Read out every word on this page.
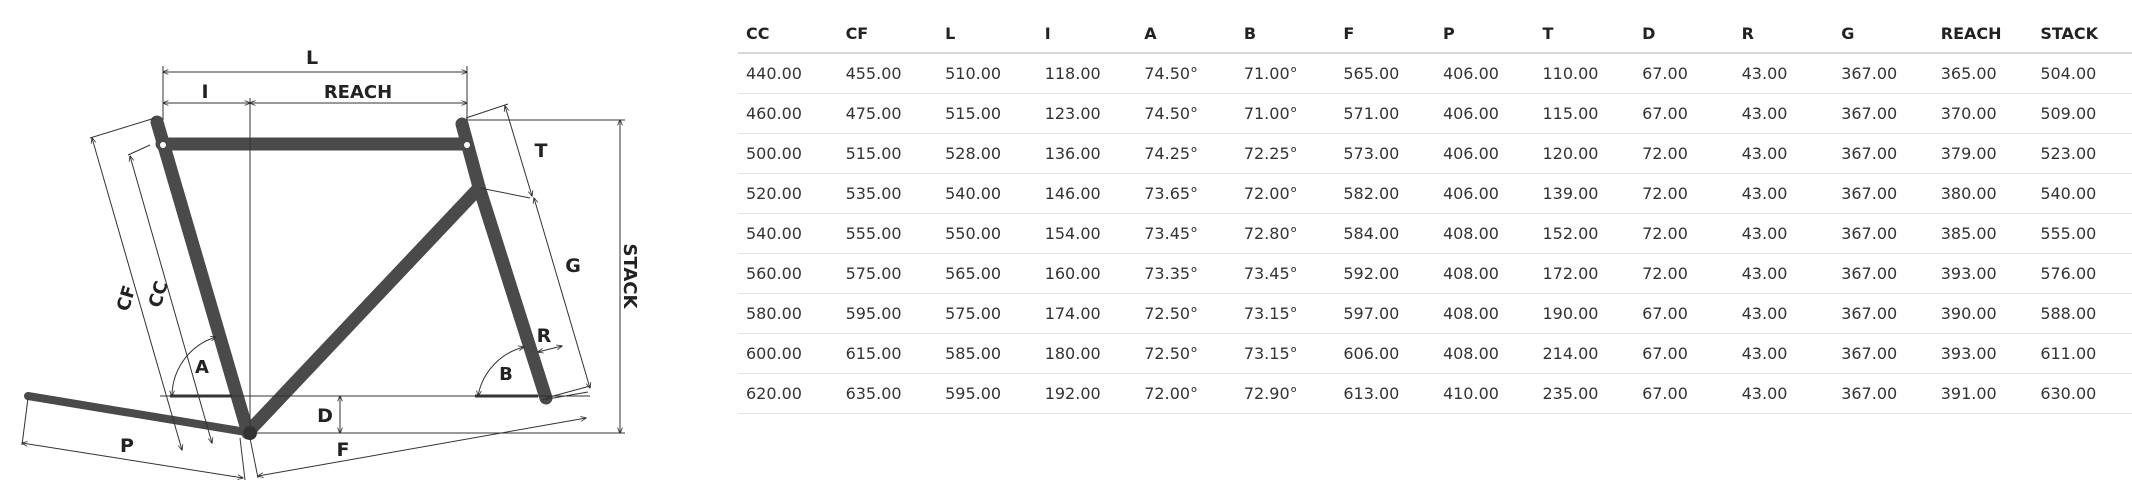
L
I	REACH
T
G
R
B
A
D
P	F
STACK
CF CC
CC	CF	L	I	A	B	F	P	T	D	R	G	REACH	STACK
440.00	455.00	510.00	118.00	74.50°	71.00°	565.00	406.00	110.00	67.00	43.00	367.00	365.00	504.00
460.00	475.00	515.00	123.00	74.50°	71.00°	571.00	406.00	115.00	67.00	43.00	367.00	370.00	509.00
500.00	515.00	528.00	136.00	74.25°	72.25°	573.00	406.00	120.00	72.00	43.00	367.00	379.00	523.00
520.00	535.00	540.00	146.00	73.65°	72.00°	582.00	406.00	139.00	72.00	43.00	367.00	380.00	540.00
540.00	555.00	550.00	154.00	73.45°	72.80°	584.00	408.00	152.00	72.00	43.00	367.00	385.00	555.00
560.00	575.00	565.00	160.00	73.35°	73.45°	592.00	408.00	172.00	72.00	43.00	367.00	393.00	576.00
580.00	595.00	575.00	174.00	72.50°	73.15°	597.00	408.00	190.00	67.00	43.00	367.00	390.00	588.00
600.00	615.00	585.00	180.00	72.50°	73.15°	606.00	408.00	214.00	67.00	43.00	367.00	393.00	611.00
620.00	635.00	595.00	192.00	72.00°	72.90°	613.00	410.00	235.00	67.00	43.00	367.00	391.00	630.00
